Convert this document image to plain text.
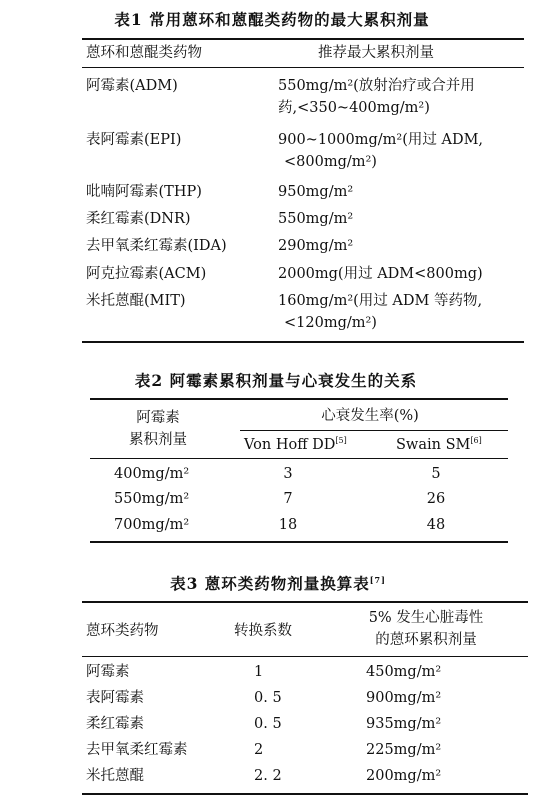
表1 常用蒽环和蒽醌类药物的最大累积剂量
蒽环和蒽醌类药物	推荐最大累积剂量
阿霉素(ADM)	550mg/m²(放射治疗或合并用
药,<350~400mg/m²)
表阿霉素(EPI)	900~1000mg/m²(用过 ADM,
<800mg/m²)
吡喃阿霉素(THP)	950mg/m²
柔红霉素(DNR)	550mg/m²
去甲氧柔红霉素(IDA)	290mg/m²
阿克拉霉素(ACM)	2000mg(用过 ADM<800mg)
米托蒽醌(MIT)	160mg/m²(用过 ADM 等药物,
<120mg/m²)
表2 阿霉素累积剂量与心衰发生的关系
阿霉素
累积剂量
心衰发生率(%)
Von Hoff DD[5]	Swain SM[6]
400mg/m²	3	5
550mg/m²	7	26
700mg/m²	18	48
表3 蒽环类药物剂量换算表[7]
蒽环类药物	转换系数
5% 发生心脏毒性
的蒽环累积剂量
阿霉素	1	450mg/m²
表阿霉素	0. 5	900mg/m²
柔红霉素	0. 5	935mg/m²
去甲氧柔红霉素	2	225mg/m²
米托蒽醌	2. 2	200mg/m²
